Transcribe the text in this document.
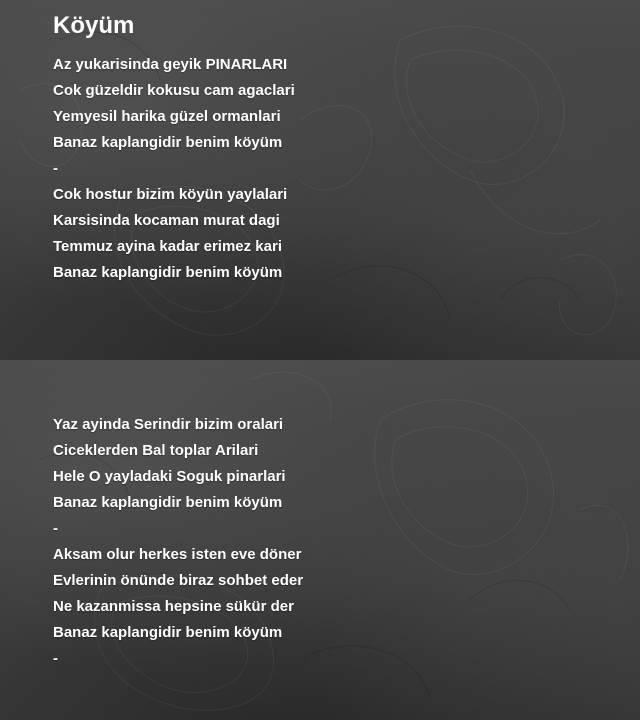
Köyüm
Az yukarisinda geyik PINARLARI
Cok güzeldir kokusu cam agaclari
Yemyesil harika güzel ormanlari
Banaz kaplangidir benim köyüm
-
Cok hostur bizim köyün yaylalari
Karsisinda kocaman murat dagi
Temmuz ayina kadar erimez kari
Banaz kaplangidir benim köyüm
Yaz ayinda Serindir bizim oralari
Ciceklerden Bal toplar Arilari
Hele O yayladaki Soguk pinarlari
Banaz kaplangidir benim köyüm
-
Aksam olur herkes isten eve döner
Evlerinin önünde biraz sohbet eder
Ne kazanmissa hepsine sükür der
Banaz kaplangidir benim köyüm
-
